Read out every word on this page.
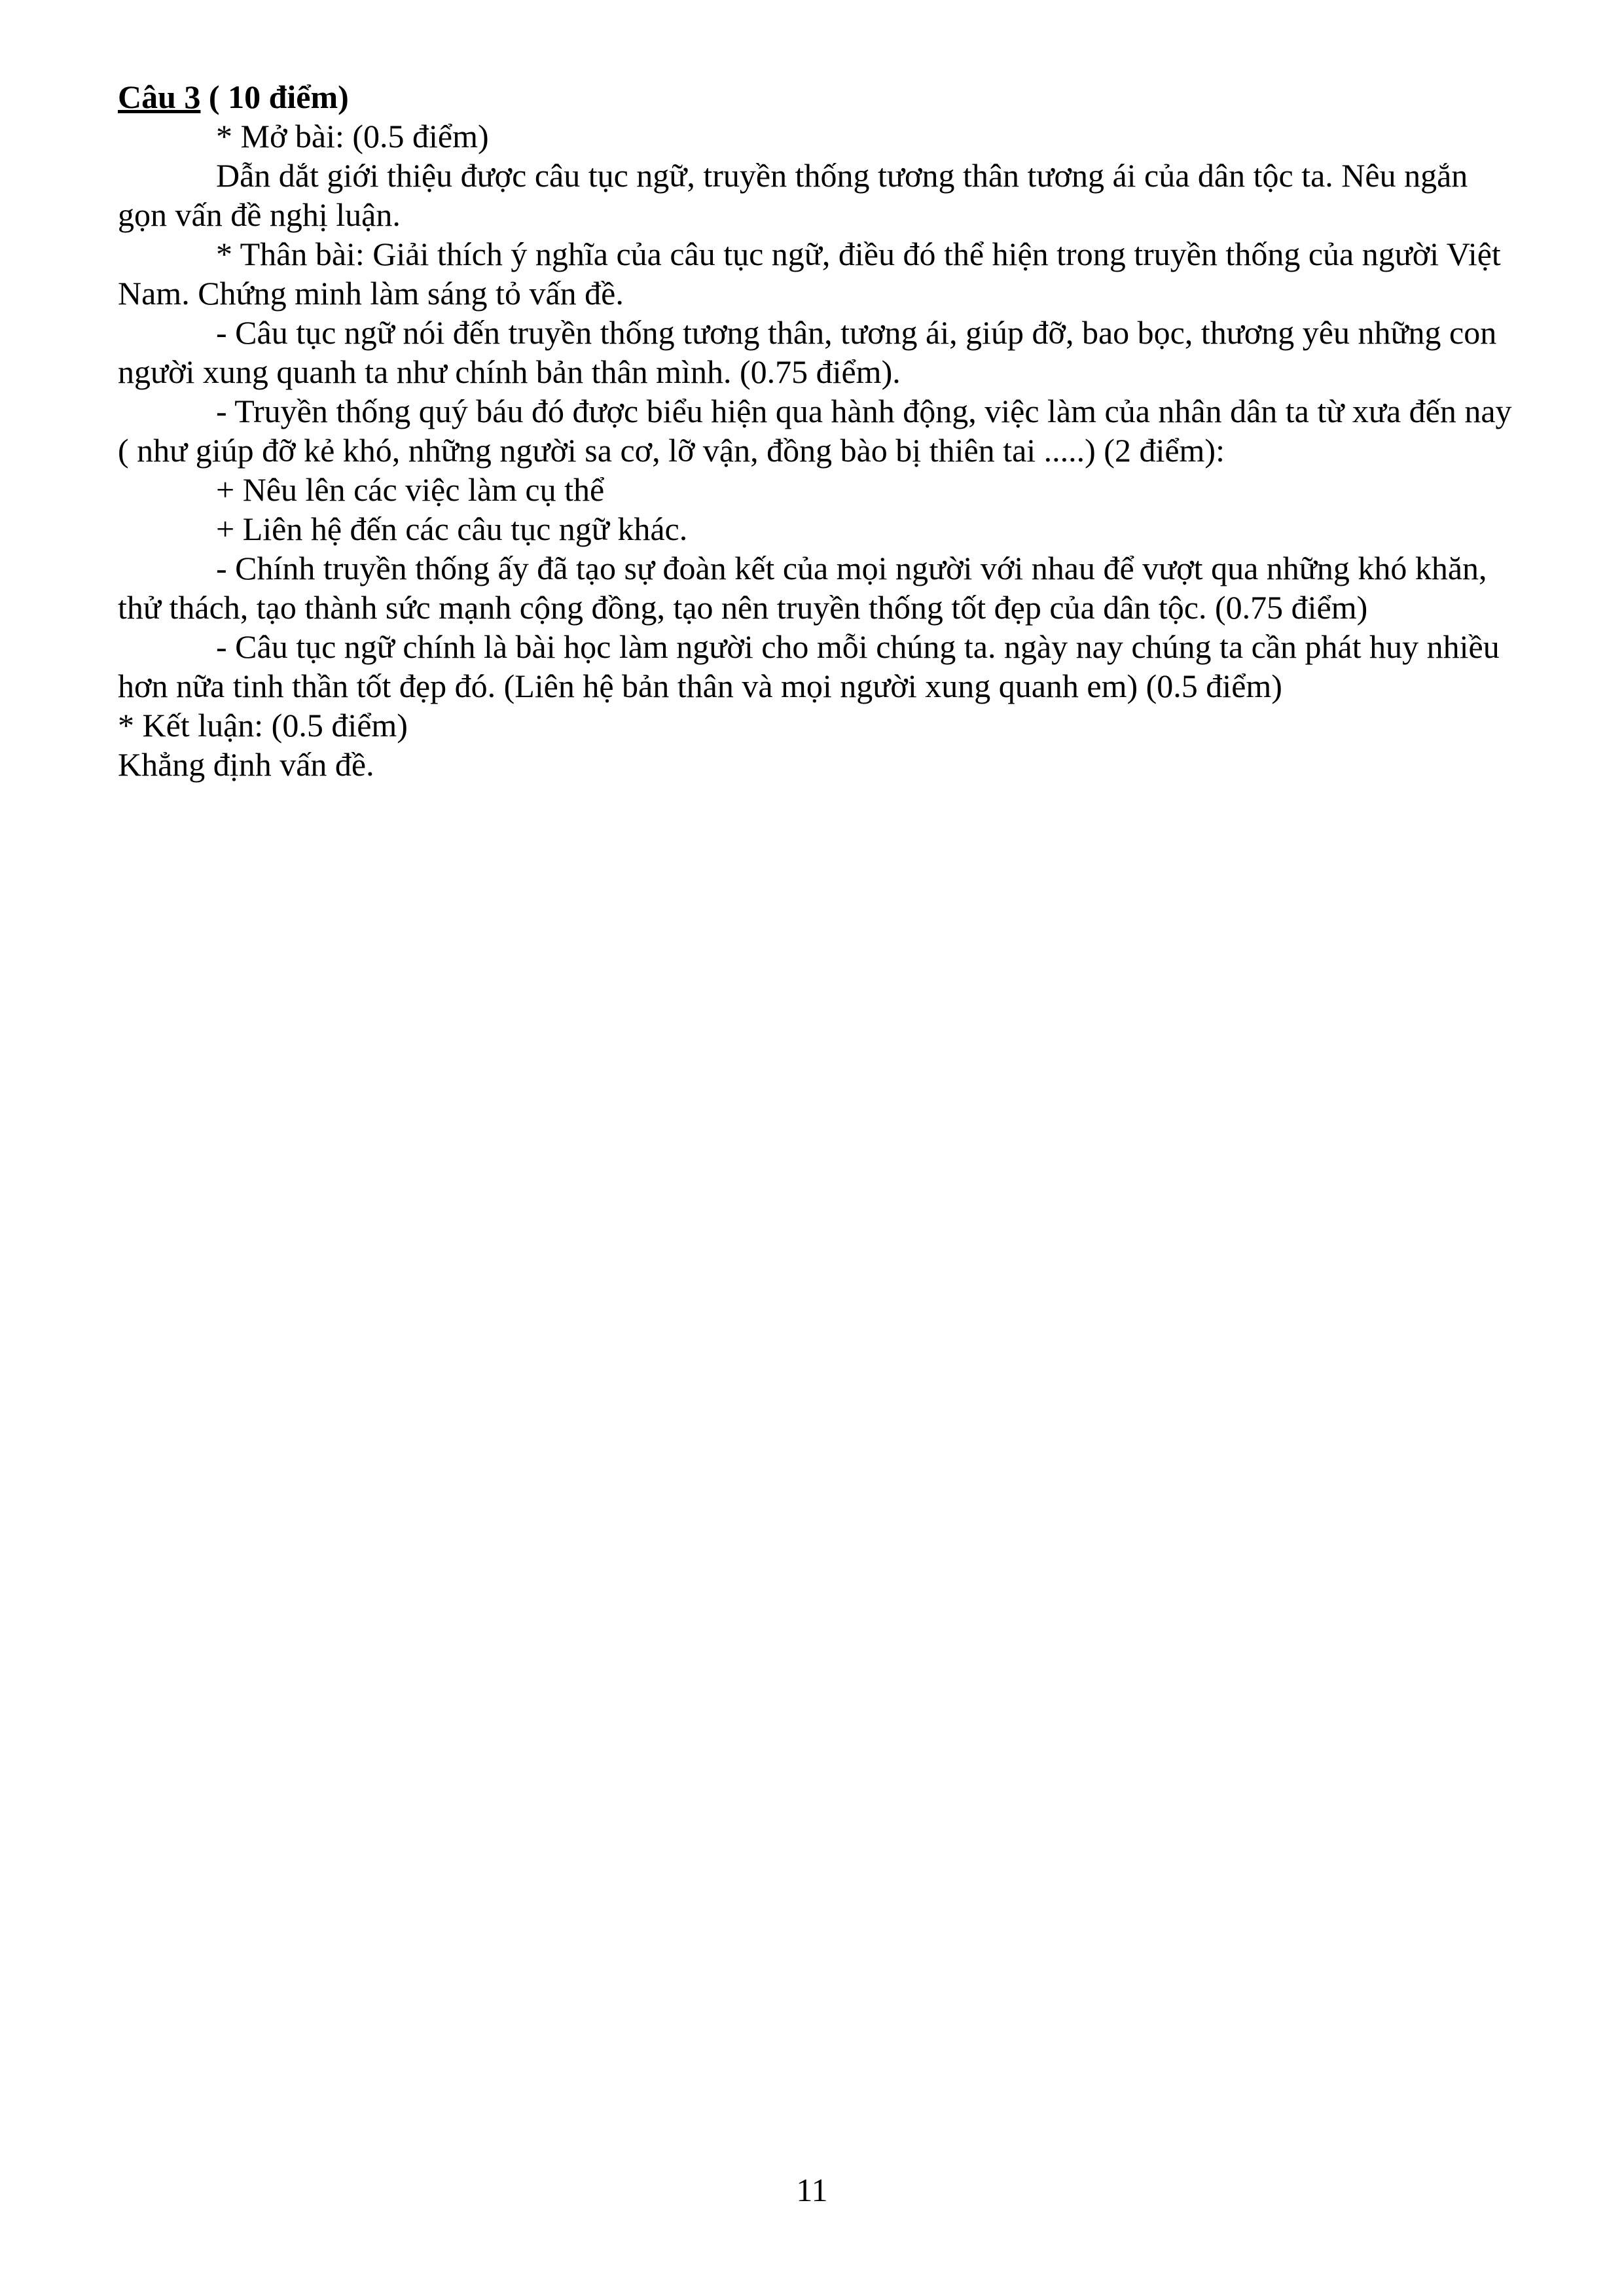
Câu 3 ( 10 điểm)

* Mở bài: (0.5 điểm)

Dẫn dắt giới thiệu được câu tục ngữ, truyền thống tương thân tương ái của dân tộc ta. Nêu ngắn gọn vấn đề nghị luận.

* Thân bài: Giải thích ý nghĩa của câu tục ngữ, điều đó thể hiện trong truyền thống của người Việt Nam. Chứng minh làm sáng tỏ vấn đề.

- Câu tục ngữ nói đến truyền thống tương thân, tương ái, giúp đỡ, bao bọc, thương yêu những con người xung quanh ta như chính bản thân mình. (0.75 điểm).

- Truyền thống quý báu đó được biểu hiện qua hành động, việc làm của nhân dân ta từ xưa đến nay ( như giúp đỡ kẻ khó, những người sa cơ, lỡ vận, đồng bào bị thiên tai .....) (2 điểm):

+ Nêu lên các việc làm cụ thể

+ Liên hệ đến các câu tục ngữ khác.

- Chính truyền thống ấy đã tạo sự đoàn kết của mọi người với nhau để vượt qua những khó khăn, thử thách, tạo thành sức mạnh cộng đồng, tạo nên truyền thống tốt đẹp của dân tộc. (0.75 điểm)

- Câu tục ngữ chính là bài học làm người cho mỗi chúng ta. ngày nay chúng ta cần phát huy nhiều hơn nữa tinh thần tốt đẹp đó. (Liên hệ bản thân và mọi người xung quanh em) (0.5 điểm)

* Kết luận: (0.5 điểm)

Khẳng định vấn đề.

11
